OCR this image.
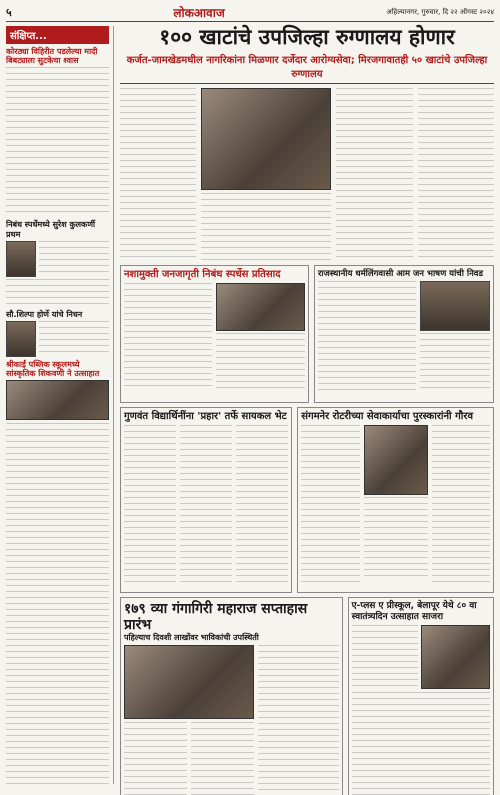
५	लोकआवाज	अहिल्यानगर, गुरुवार, दि २२ ऑगस्ट २०२४
संक्षिप्त...
कोरठ्या विहिरीत पडलेल्या मादी बिबट्याला सुटकेचा श्वास
निबंध स्पर्धेमध्ये सुरेश कुलकर्णी प्रथम
सौ.शिल्पा होर्णे यांचे निधन
श्रीकाईं पब्लिक स्कूलमध्ये सांस्कृतिक शिकवणी ने उत्साहात
१०० खाटांचे उपजिल्हा रुग्णालय होणार
कर्जत-जामखेडमधील नागरिकांना मिळणार दर्जेदार आरोग्यसेवा; मिरजगावातही ५० खाटांचे उपजिल्हा रुग्णालय
नशामुक्ती जनजागृती निबंध स्पर्धेस प्रतिसाद	राजस्थानीय धर्मलिंगवासी आम जन भाषण यांची निवड
गुणवंत विद्यार्थिनींना 'प्रहार' तर्फे सायकल भेट संगमनेर रोटरीच्या सेवाकार्याचा पुरस्कारांनी गौरव
१७९ व्या गंगागिरी महाराज सप्ताहास प्रारंभ
पहिल्याच दिवशी लाखोंवर भाविकांची उपस्थिती
ए-प्लस ए प्रीस्कूल, बेलापूर येथे ८० वा स्वातंत्र्यदिन उत्साहात साजरा
